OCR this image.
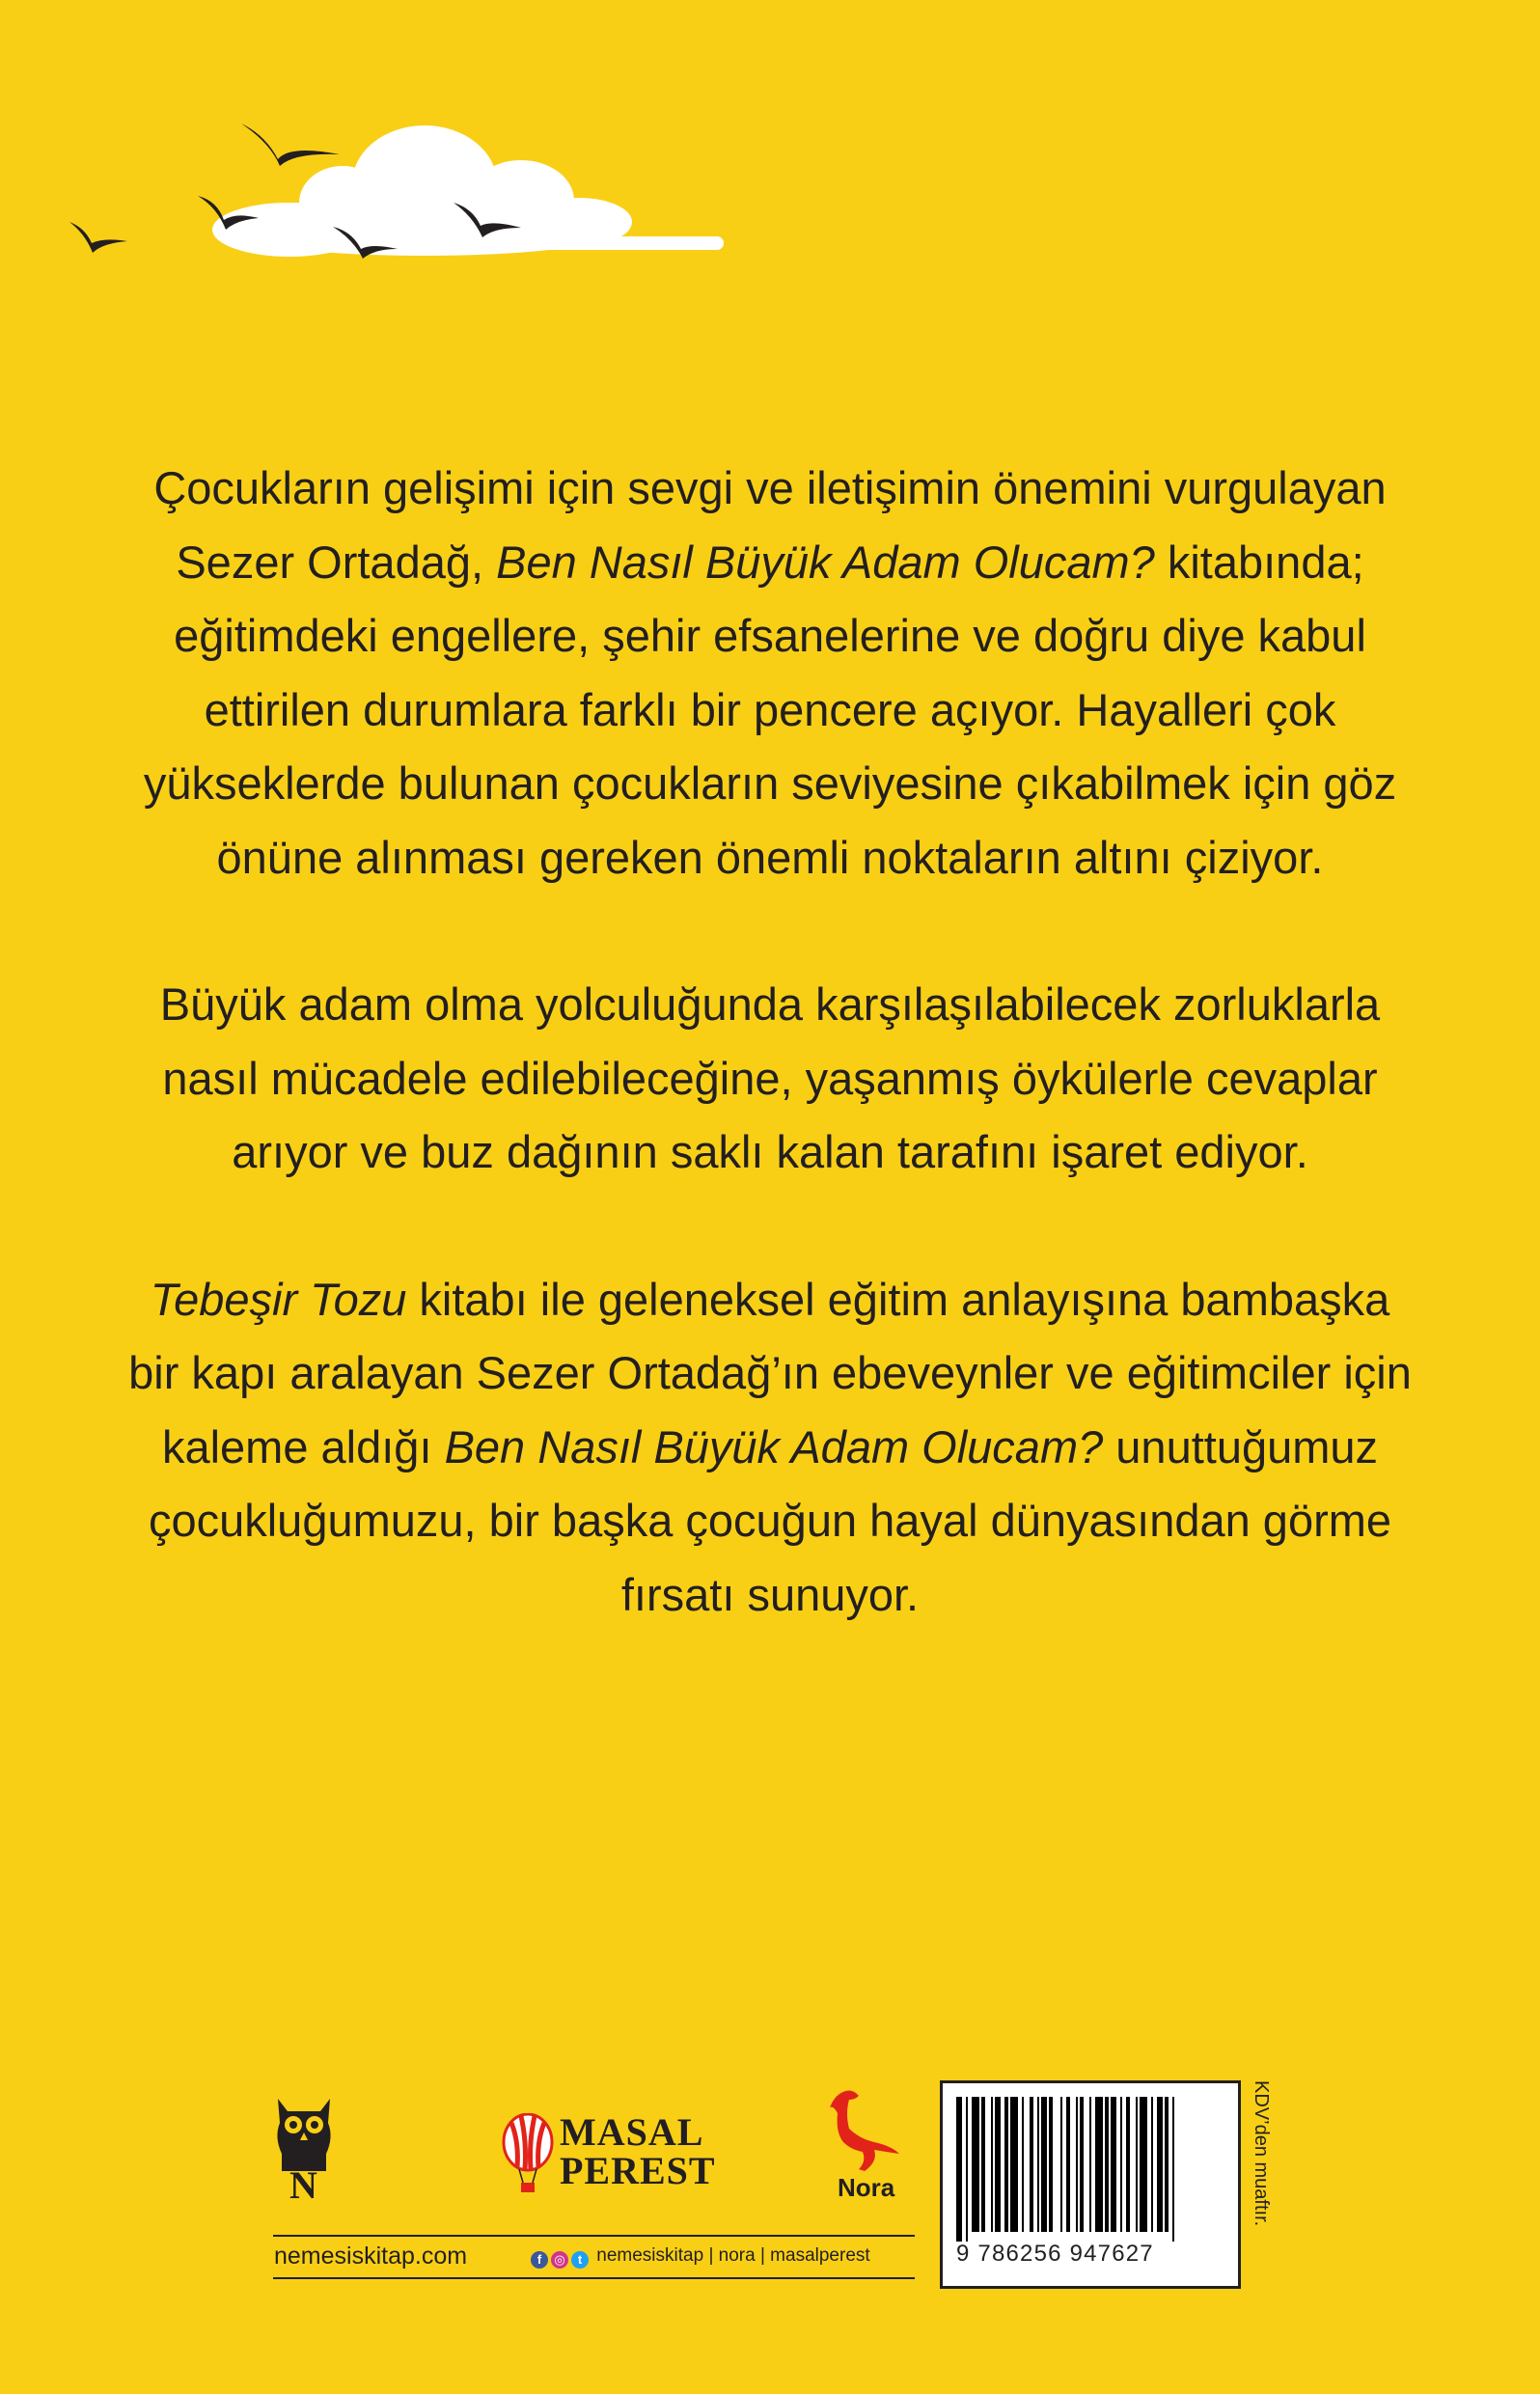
Çocukların gelişimi için sevgi ve iletişimin önemini vurgulayan
Sezer Ortadağ, Ben Nasıl Büyük Adam Olucam? kitabında; eğitimdeki engellere, şehir efsanelerine ve doğru diye kabul ettirilen durumlara farklı bir pencere açıyor. Hayalleri çok yükseklerde bulunan çocukların seviyesine çıkabilmek için göz önüne alınması gereken önemli noktaların altını çiziyor.

Büyük adam olma yolculuğunda karşılaşılabilecek zorluklarla nasıl mücadele edilebileceğine, yaşanmış öykülerle cevaplar arıyor ve buz dağının saklı kalan tarafını işaret ediyor.

Tebeşir Tozu kitabı ile geleneksel eğitim anlayışına bambaşka bir kapı aralayan Sezer Ortadağ’ın ebeveynler ve eğitimciler için kaleme aldığı Ben Nasıl Büyük Adam Olucam? unuttuğumuz çocukluğumuzu, bir başka çocuğun hayal dünyasından görme fırsatı sunuyor.

N
MASAL
PEREST	Nora
nemesiskitap.com	f ◎ t nemesiskitap | nora | masalperest	9 786256 947627
KDV’den muaftır.
